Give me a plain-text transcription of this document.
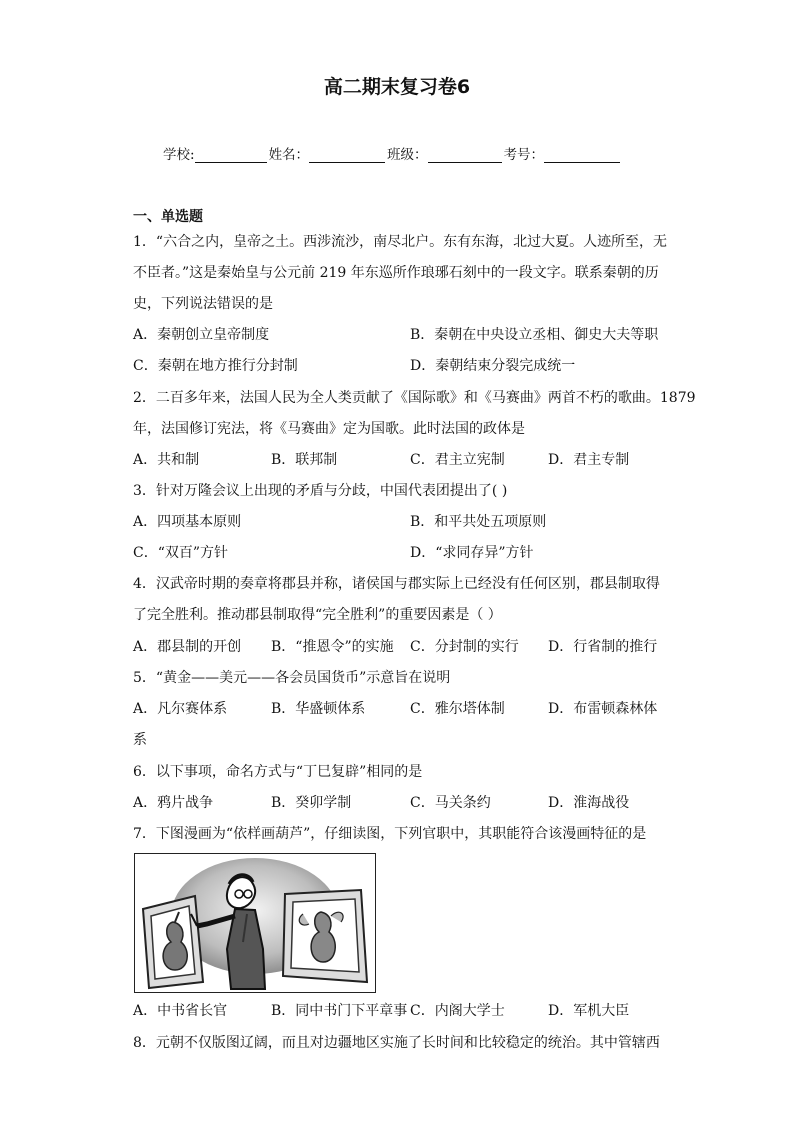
高二期末复习卷6
学校:	姓名：	班级：	考号：
一、单选题
1．“六合之内，皇帝之土。西涉流沙，南尽北户。东有东海，北过大夏。人迹所至，无
不臣者。”这是秦始皇与公元前 219 年东巡所作琅琊石刻中的一段文字。联系秦朝的历
史，下列说法错误的是
A．秦朝创立皇帝制度	B．秦朝在中央设立丞相、御史大夫等职
C．秦朝在地方推行分封制	D．秦朝结束分裂完成统一
2．二百多年来，法国人民为全人类贡献了《国际歌》和《马赛曲》两首不朽的歌曲。1879
年，法国修订宪法，将《马赛曲》定为国歌。此时法国的政体是
A．共和制	B．联邦制	C．君主立宪制	D．君主专制
3．针对万隆会议上出现的矛盾与分歧，中国代表团提出了( )
A．四项基本原则	B．和平共处五项原则
C．“双百”方针	D．“求同存异”方针
4．汉武帝时期的奏章将郡县并称，诸侯国与郡实际上已经没有任何区别，郡县制取得
了完全胜利。推动郡县制取得“完全胜利”的重要因素是（ ）
A．郡县制的开创 B．“推恩令”的实施 C．分封制的实行 D．行省制的推行
5．“黄金——美元——各会员国货币”示意旨在说明
A．凡尔赛体系	B．华盛顿体系	C．雅尔塔体制	D．布雷顿森林体
系
6．以下事项，命名方式与“丁巳复辟”相同的是
A．鸦片战争	B．癸卯学制	C．马关条约	D．淮海战役
7．下图漫画为“依样画葫芦”，仔细读图，下列官职中，其职能符合该漫画特征的是
A．中书省长官	B．同中书门下平章事 C．内阁大学士	D．军机大臣
8．元朝不仅版图辽阔，而且对边疆地区实施了长时间和比较稳定的统治。其中管辖西
